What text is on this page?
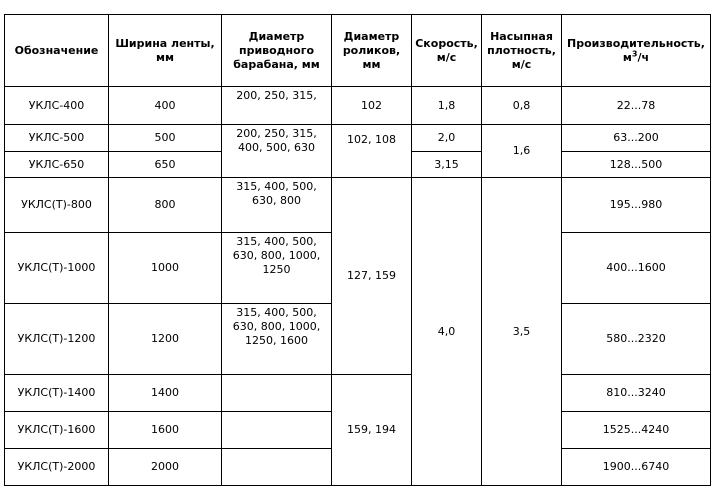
Обозначение	Ширина ленты, мм	Диаметр приводного барабана, мм	Диаметр роликов, мм	Скорость, м/с	Насыпная плотность, м/с	Производительность, $м^3/ч$
УКЛС-400	400	200, 250, 315,	102	1,8	0,8	22...78
УКЛС-500	500	200, 250, 315, 400, 500, 630	102, 108	2,0	1,6	63...200
УКЛС-650	650			3,15		128...500
УКЛС(Т)-800	800	315, 400, 500, 630, 800	127, 159	4,0	3,5	195...980
УКЛС(Т)-1000	1000	315, 400, 500, 630, 800, 1000, 1250				400...1600
УКЛС(Т)-1200	1200	315, 400, 500, 630, 800, 1000, 1250, 1600				580...2320
УКЛС(Т)-1400	1400		159, 194			810...3240
УКЛС(Т)-1600	1600					1525...4240
УКЛС(Т)-2000	2000					1900...6740
